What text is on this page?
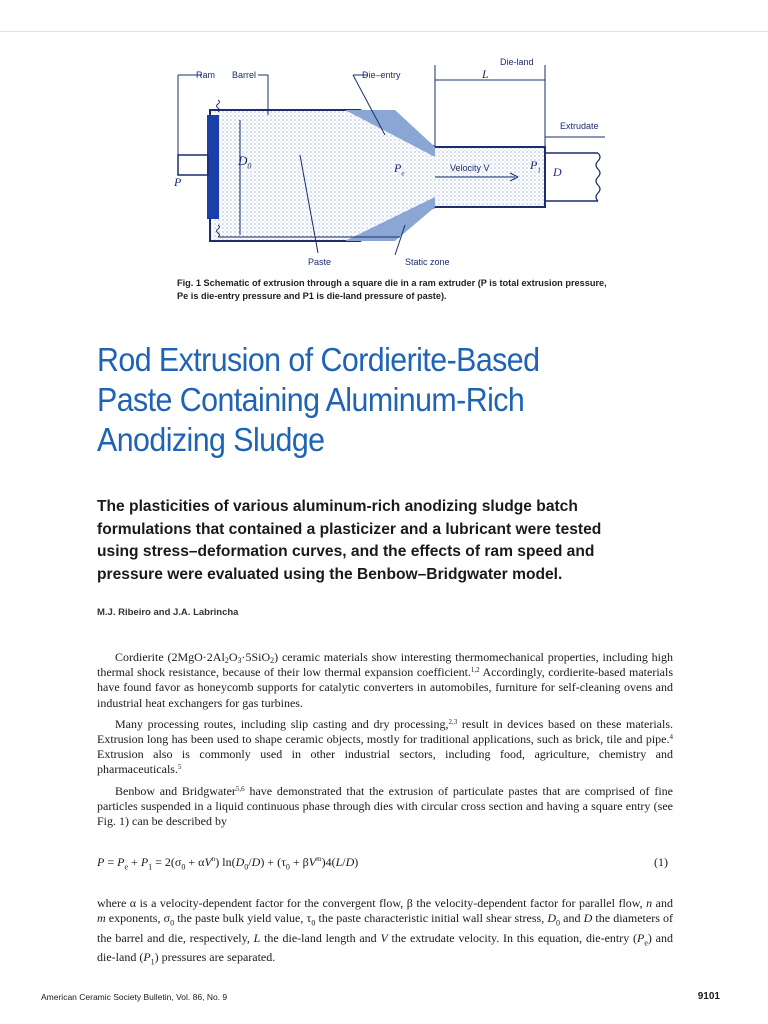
Ram Barrel	Die–entry
Die-land
L
Extrudate
$D_0$
P
$P_e$
Velocity V	$P_1$ D
Paste	Static zone
Fig. 1 Schematic of extrusion through a square die in a ram extruder (P is total extrusion pressure, Pe is die-entry pressure and P1 is die-land pressure of paste).
Rod Extrusion of Cordierite-Based
Paste Containing Aluminum-Rich
Anodizing Sludge
The plasticities of various aluminum-rich anodizing sludge batch
formulations that contained a plasticizer and a lubricant were tested
using stress–deformation curves, and the effects of ram speed and
pressure were evaluated using the Benbow–Bridgwater model.
M.J. Ribeiro and J.A. Labrincha

Cordierite $(2MgO\cdot 2Al_2O_3\cdot 5SiO_2)$ ceramic materials show interesting thermomechanical properties, including high thermal shock resistance, because of their low thermal expansion coefficient.$^{1,2}$ Accordingly, cordierite-based materials have found favor as honeycomb supports for catalytic converters in automobiles, furniture for self-cleaning ovens and industrial heat exchangers for gas turbines.

Many processing routes, including slip casting and dry processing,$^{2,3}$ result in devices based on these materials. Extrusion long has been used to shape ceramic objects, mostly for traditional applications, such as brick, tile and pipe.$^4$ Extrusion also is commonly used in other industrial sectors, including food, agriculture, chemistry and pharmaceuticals.$^5$

Benbow and Bridgwater$^{5,6}$ have demonstrated that the extrusion of particulate pastes that are comprised of fine particles suspended in a liquid continuous phase through dies with circular cross section and having a square entry (see Fig. 1) can be described by

$P = P_e + P_1 = 2(\sigma_0 + \alpha V^n) \ln(D_0/D) + (\tau_0 + \beta V^m)4(L/D)$	(1)

where α is a velocity-dependent factor for the convergent flow, β the velocity-dependent factor for parallel flow, n and m exponents, $\sigma_0$ the paste bulk yield value, $\tau_0$ the paste characteristic initial wall shear stress, $D_0$ and D the diameters of the barrel and die, respectively, L the die-land length and V the extrudate velocity. In this equation, die-entry $(P_e)$ and die-land $(P_1)$ pressures are separated.

American Ceramic Society Bulletin, Vol. 86, No. 9	9101
